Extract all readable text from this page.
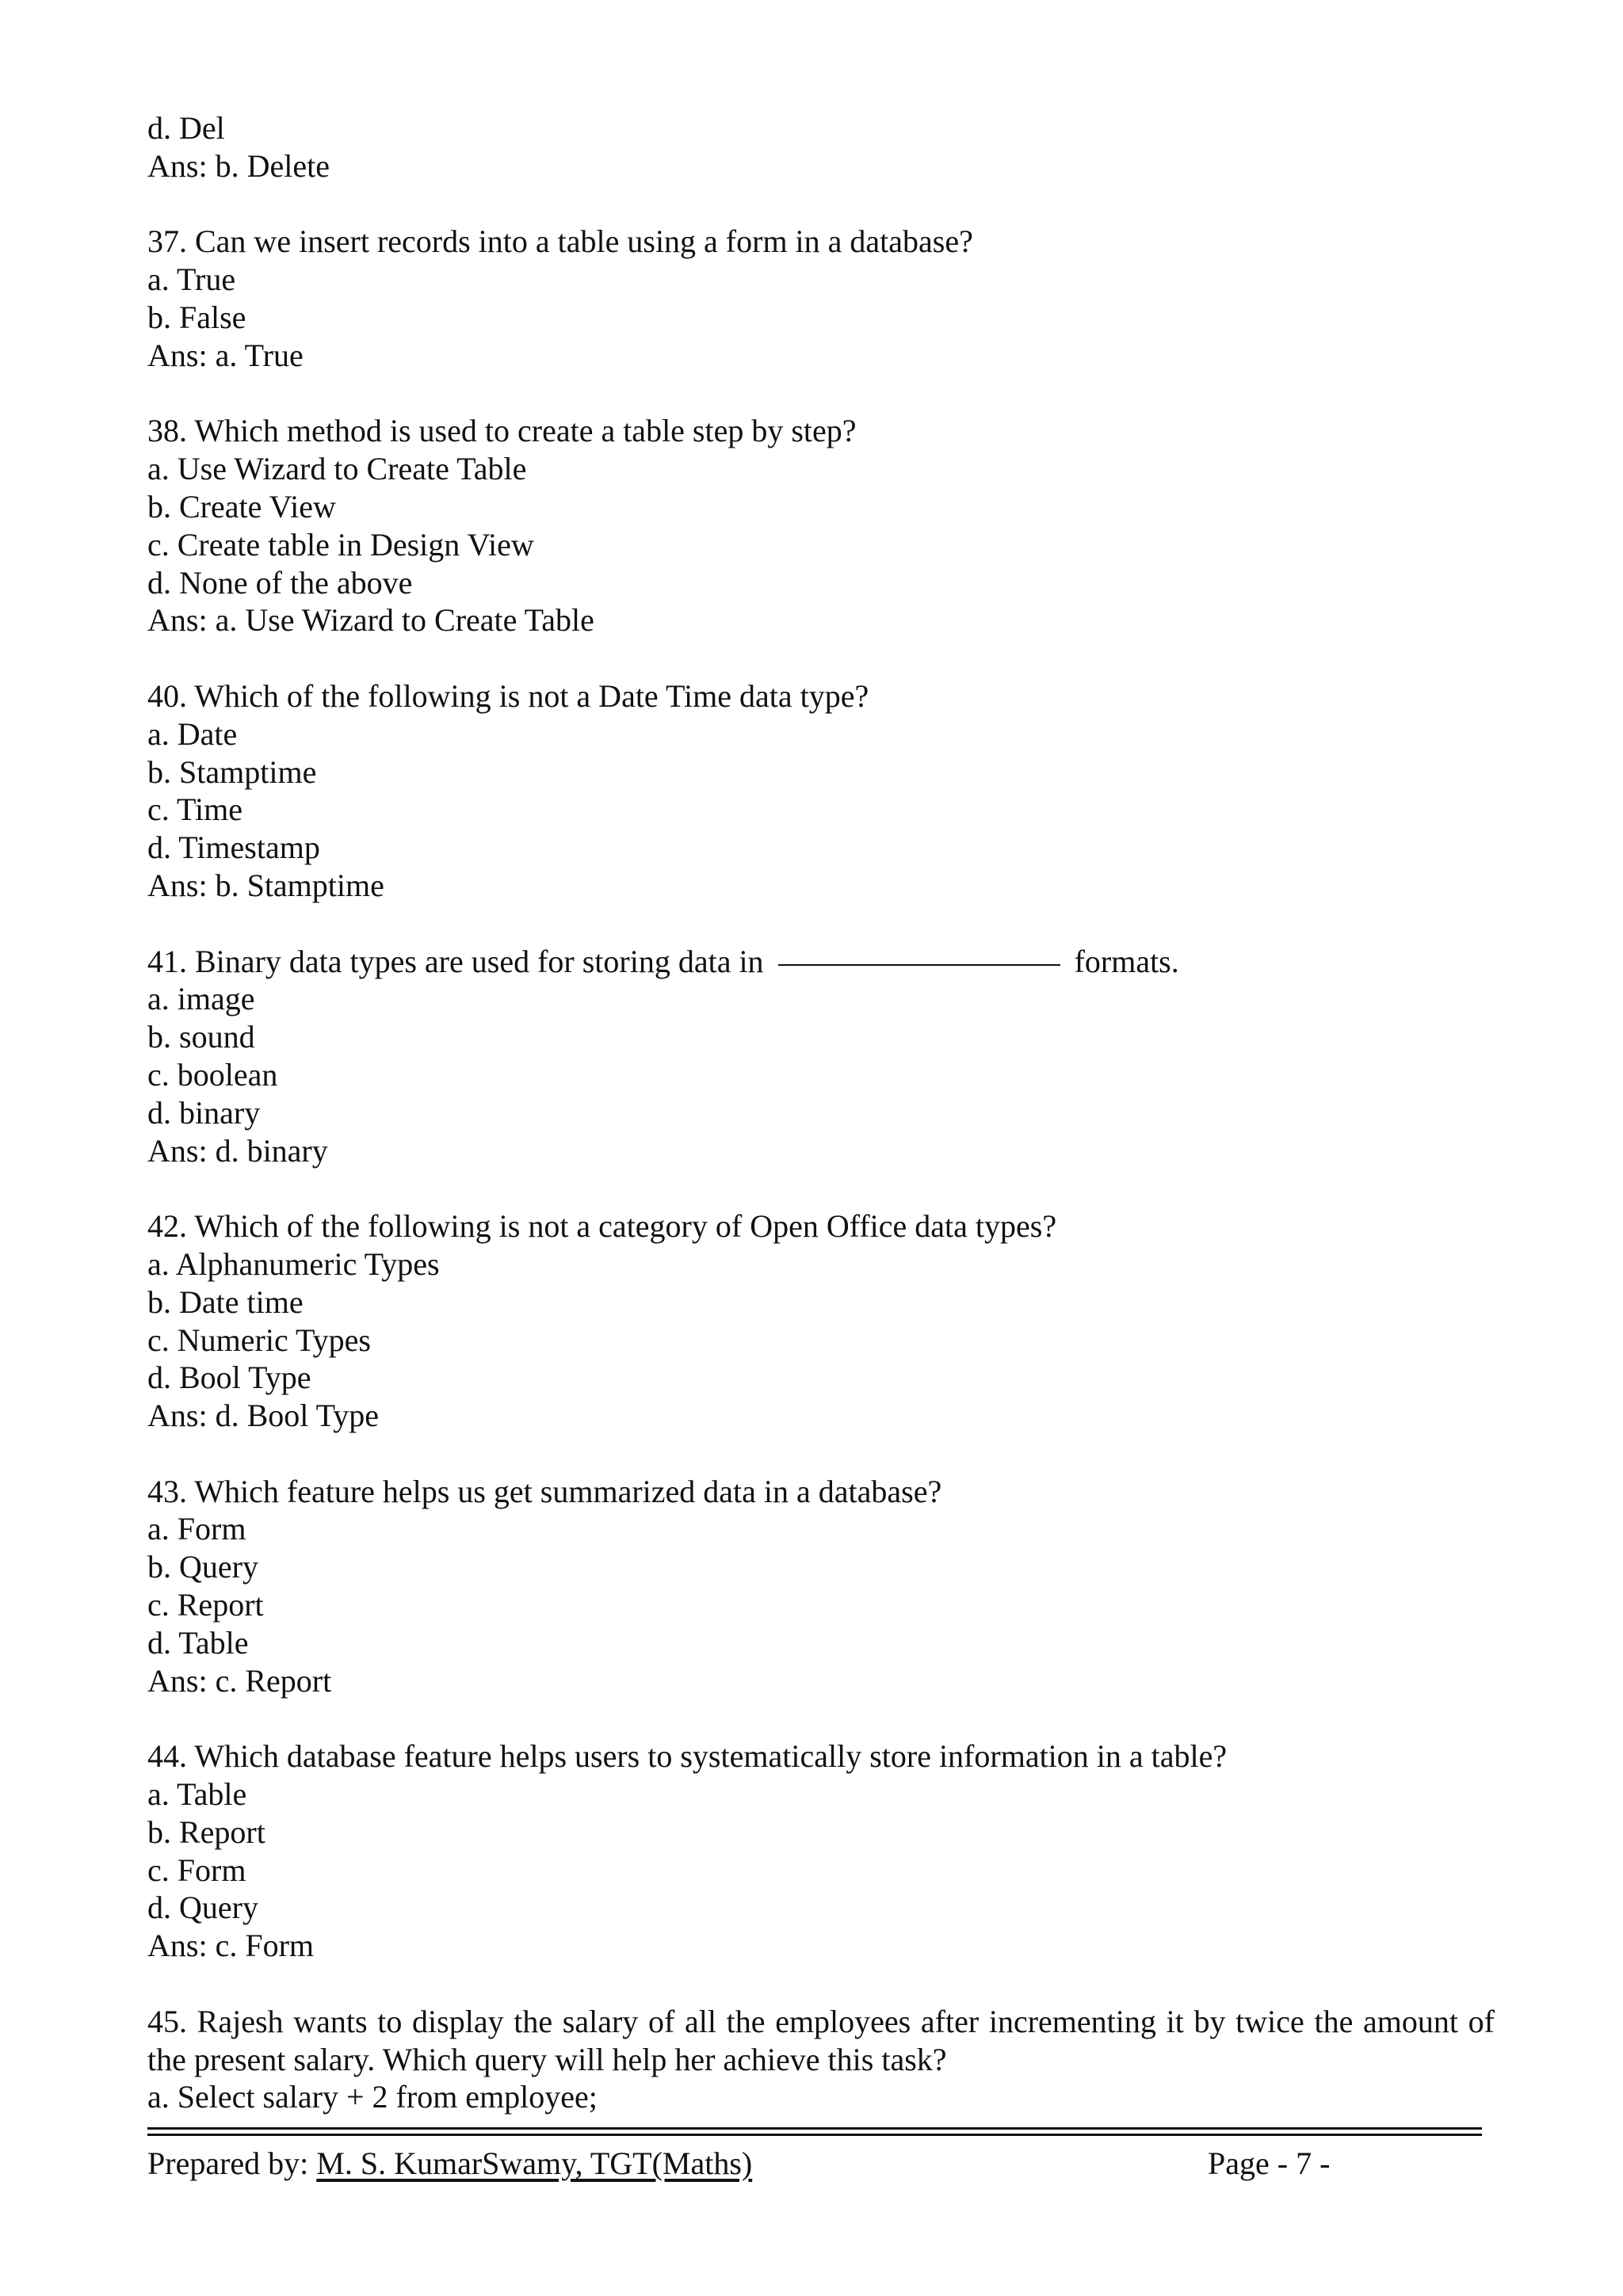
d. Del
Ans: b. Delete
37. Can we insert records into a table using a form in a database?
a. True
b. False
Ans: a. True
38. Which method is used to create a table step by step?
a. Use Wizard to Create Table
b. Create View
c. Create table in Design View
d. None of the above
Ans: a. Use Wizard to Create Table
40. Which of the following is not a Date Time data type?
a. Date
b. Stamptime
c. Time
d. Timestamp
Ans: b. Stamptime
41. Binary data types are used for storing data in	formats.
a. image
b. sound
c. boolean
d. binary
Ans: d. binary
42. Which of the following is not a category of Open Office data types?
a. Alphanumeric Types
b. Date time
c. Numeric Types
d. Bool Type
Ans: d. Bool Type
43. Which feature helps us get summarized data in a database?
a. Form
b. Query
c. Report
d. Table
Ans: c. Report
44. Which database feature helps users to systematically store information in a table?
a. Table
b. Report
c. Form
d. Query
Ans: c. Form
45. Rajesh wants to display the salary of all the employees after incrementing it by twice the amount of the present salary. Which query will help her achieve this task?
a. Select salary + 2 from employee;
Prepared by: M. S. KumarSwamy, TGT(Maths)	Page - 7 -
